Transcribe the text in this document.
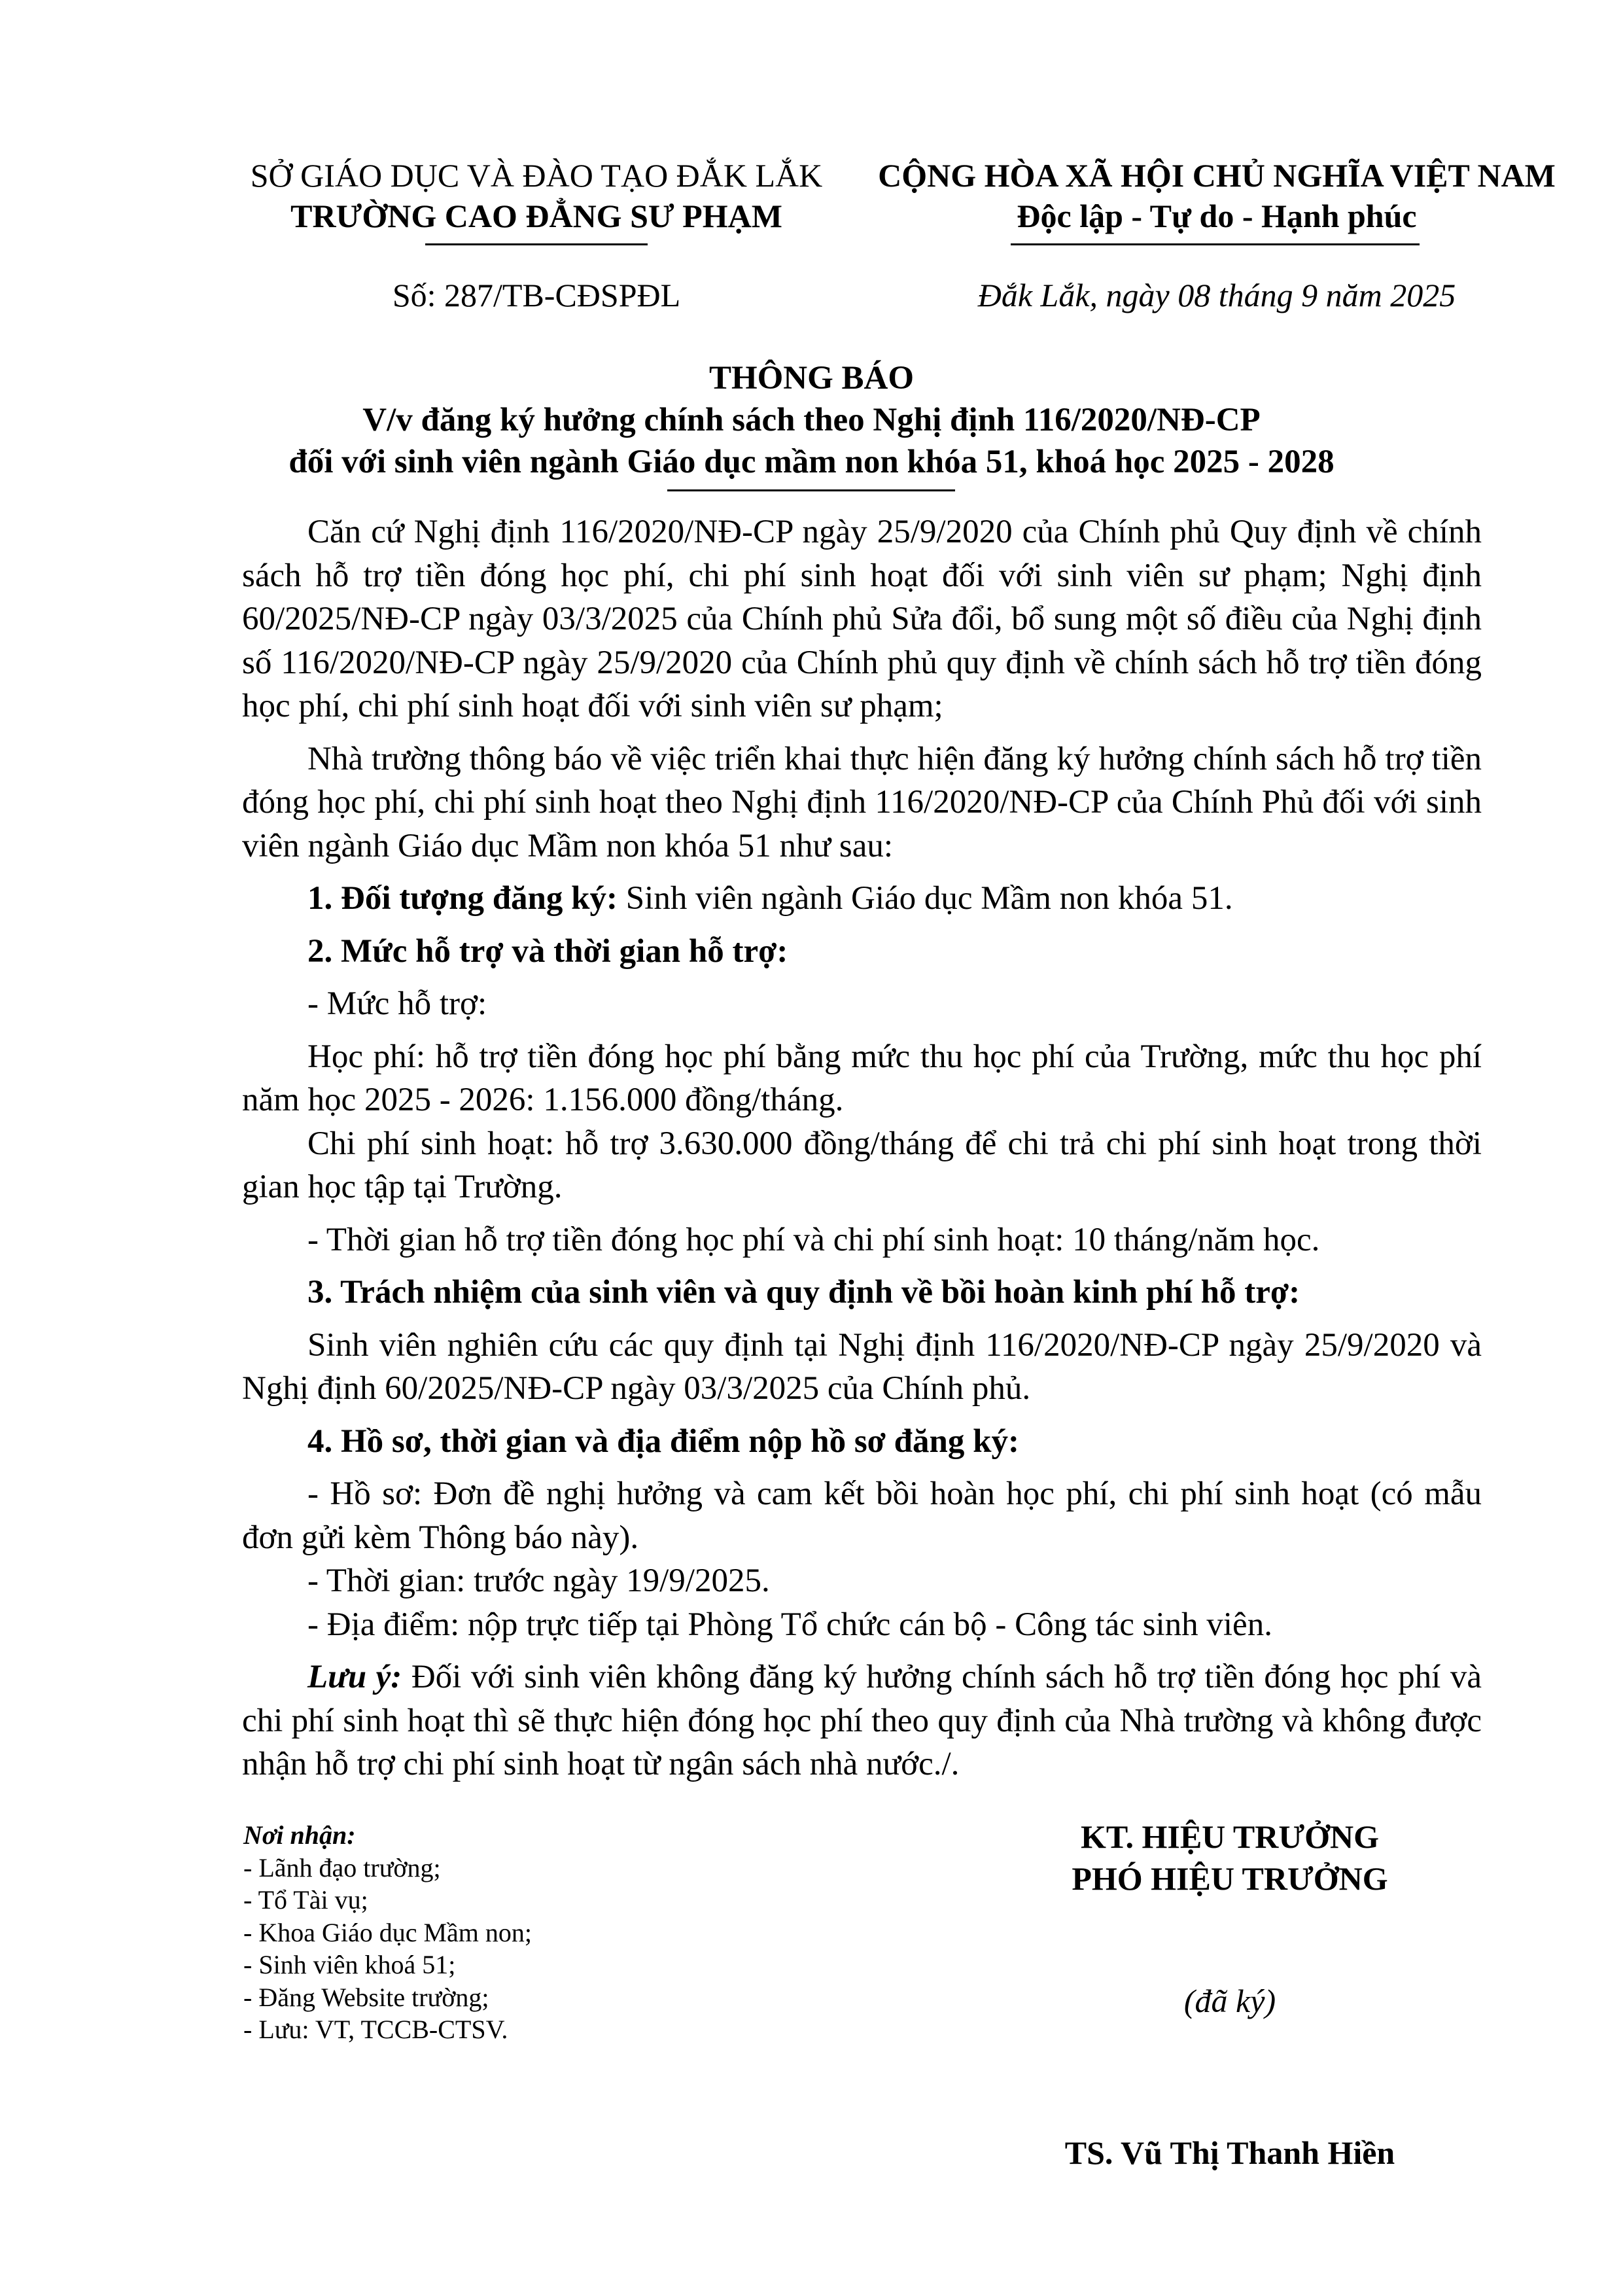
SỞ GIÁO DỤC VÀ ĐÀO TẠO ĐẮK LẮK
TRƯỜNG CAO ĐẲNG SƯ PHẠM
Số: 287/TB-CĐSPĐL
CỘNG HÒA XÃ HỘI CHỦ NGHĨA VIỆT NAM
Độc lập - Tự do - Hạnh phúc
Đắk Lắk, ngày 08 tháng 9 năm 2025
THÔNG BÁO
V/v đăng ký hưởng chính sách theo Nghị định 116/2020/NĐ-CP
đối với sinh viên ngành Giáo dục mầm non khóa 51, khoá học 2025 - 2028

Căn cứ Nghị định 116/2020/NĐ-CP ngày 25/9/2020 của Chính phủ Quy định về chính sách hỗ trợ tiền đóng học phí, chi phí sinh hoạt đối với sinh viên sư phạm; Nghị định 60/2025/NĐ-CP ngày 03/3/2025 của Chính phủ Sửa đổi, bổ sung một số điều của Nghị định số 116/2020/NĐ-CP ngày 25/9/2020 của Chính phủ quy định về chính sách hỗ trợ tiền đóng học phí, chi phí sinh hoạt đối với sinh viên sư phạm;

Nhà trường thông báo về việc triển khai thực hiện đăng ký hưởng chính sách hỗ trợ tiền đóng học phí, chi phí sinh hoạt theo Nghị định 116/2020/NĐ-CP của Chính Phủ đối với sinh viên ngành Giáo dục Mầm non khóa 51 như sau:

1. Đối tượng đăng ký: Sinh viên ngành Giáo dục Mầm non khóa 51.

2. Mức hỗ trợ và thời gian hỗ trợ:

- Mức hỗ trợ:

Học phí: hỗ trợ tiền đóng học phí bằng mức thu học phí của Trường, mức thu học phí năm học 2025 - 2026: 1.156.000 đồng/tháng.

Chi phí sinh hoạt: hỗ trợ 3.630.000 đồng/tháng để chi trả chi phí sinh hoạt trong thời gian học tập tại Trường.

- Thời gian hỗ trợ tiền đóng học phí và chi phí sinh hoạt: 10 tháng/năm học.

3. Trách nhiệm của sinh viên và quy định về bồi hoàn kinh phí hỗ trợ:

Sinh viên nghiên cứu các quy định tại Nghị định 116/2020/NĐ-CP ngày 25/9/2020 và Nghị định 60/2025/NĐ-CP ngày 03/3/2025 của Chính phủ.

4. Hồ sơ, thời gian và địa điểm nộp hồ sơ đăng ký:

- Hồ sơ: Đơn đề nghị hưởng và cam kết bồi hoàn học phí, chi phí sinh hoạt (có mẫu đơn gửi kèm Thông báo này).

- Thời gian: trước ngày 19/9/2025.

- Địa điểm: nộp trực tiếp tại Phòng Tổ chức cán bộ - Công tác sinh viên.

Lưu ý: Đối với sinh viên không đăng ký hưởng chính sách hỗ trợ tiền đóng học phí và chi phí sinh hoạt thì sẽ thực hiện đóng học phí theo quy định của Nhà trường và không được nhận hỗ trợ chi phí sinh hoạt từ ngân sách nhà nước./.

Nơi nhận:
- Lãnh đạo trường;
- Tổ Tài vụ;
- Khoa Giáo dục Mầm non;
- Sinh viên khoá 51;
- Đăng Website trường;
- Lưu: VT, TCCB-CTSV.
KT. HIỆU TRƯỞNG
PHÓ HIỆU TRƯỞNG
(đã ký)
TS. Vũ Thị Thanh Hiền
